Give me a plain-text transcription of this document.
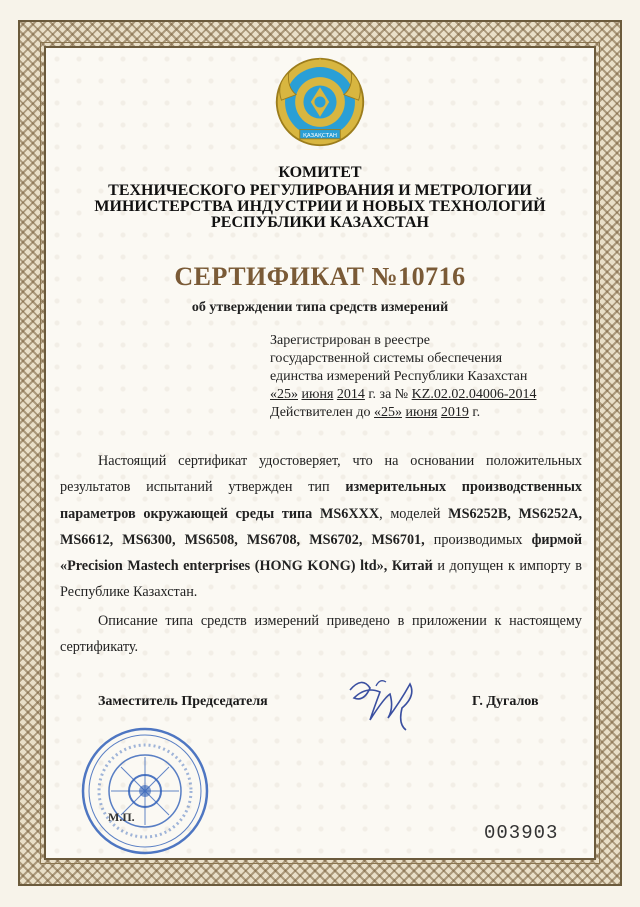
ҚАЗАҚСТАН
КОМИТЕТ
ТЕХНИЧЕСКОГО РЕГУЛИРОВАНИЯ И МЕТРОЛОГИИ
МИНИСТЕРСТВА ИНДУСТРИИ И НОВЫХ ТЕХНОЛОГИЙ
РЕСПУБЛИКИ КАЗАХСТАН
СЕРТИФИКАТ №10716
об утверждении типа средств измерений
Зарегистрирован в реестре
государственной системы обеспечения
единства измерений Республики Казахстан
«25» июня 2014 г. за № KZ.02.02.04006-2014
Действителен до «25» июня 2019 г.
Настоящий сертификат удостоверяет, что на основании положительных результатов испытаний утвержден тип измерительных производственных параметров окружающей среды типа MS6XXX, моделей MS6252B, MS6252A, MS6612, MS6300, MS6508, MS6708, MS6702, MS6701, производимых фирмой «Precision Mastech enterprises (HONG KONG) ltd», Китай и допущен к импорту в Республике Казахстан.
Описание типа средств измерений приведено в приложении к настоящему сертификату.
Заместитель Председателя	Г. Дугалов
М.П.
003903
